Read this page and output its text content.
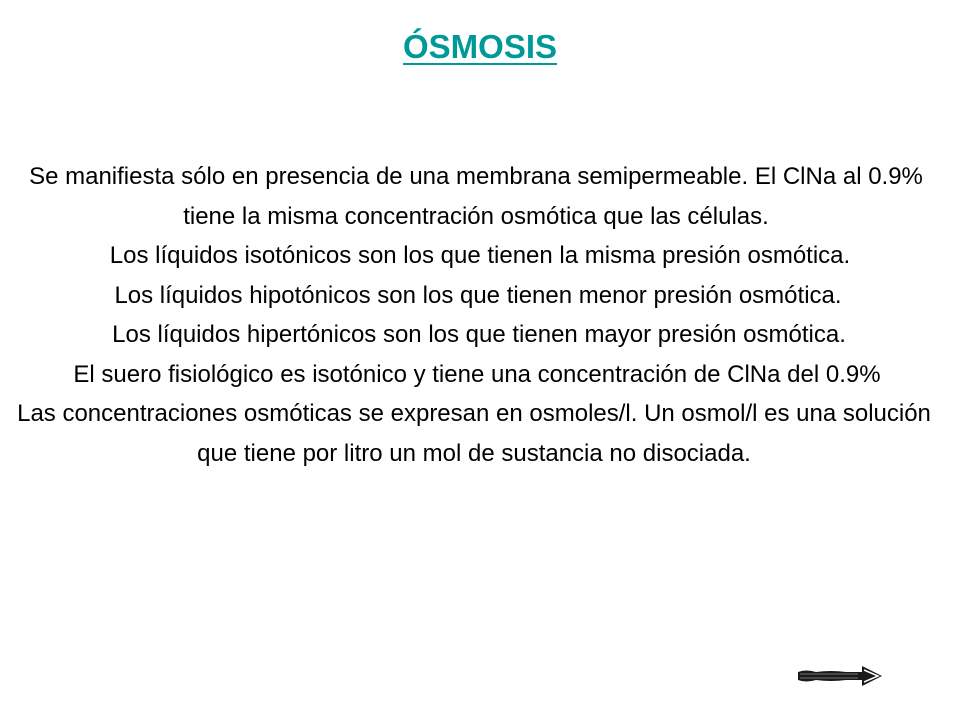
ÓSMOSIS

Se manifiesta sólo en presencia de una membrana semipermeable. El ClNa al 0.9% tiene la misma concentración osmótica que las células.

Los líquidos isotónicos son los que tienen la misma presión osmótica.

Los líquidos hipotónicos son los que tienen menor presión osmótica.

Los líquidos hipertónicos son los que tienen mayor presión osmótica.

El suero fisiológico es isotónico y tiene una concentración de ClNa del 0.9%

Las concentraciones osmóticas se expresan en osmoles/l. Un osmol/l es una solución que tiene por litro un mol de sustancia no disociada.
